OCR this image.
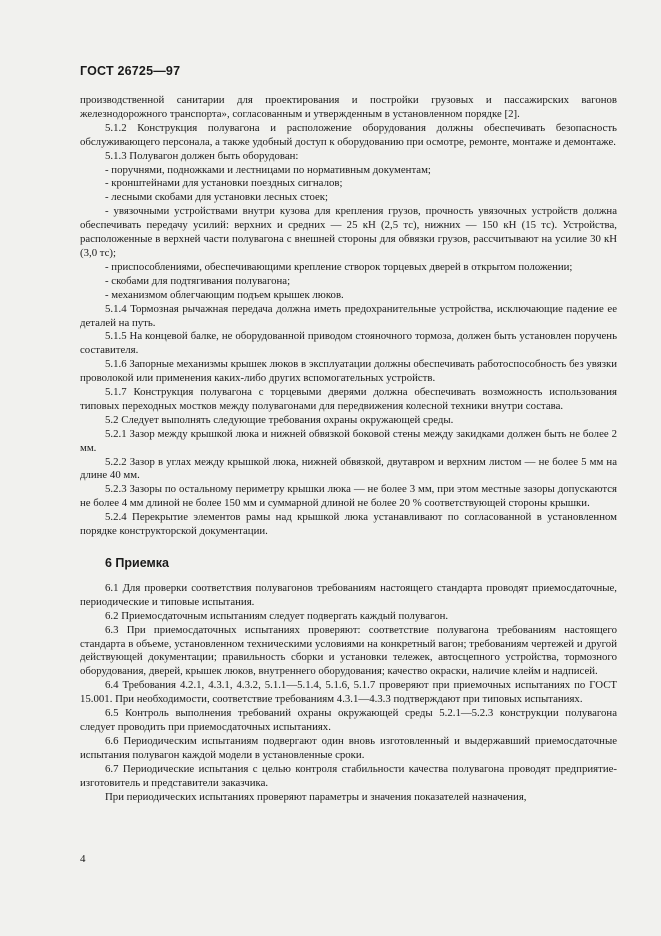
ГОСТ 26725—97

производственной санитарии для проектирования и постройки грузовых и пассажирских вагонов железнодорожного транспорта», согласованным и утвержденным в установленном порядке [2].

5.1.2 Конструкция полувагона и расположение оборудования должны обеспечивать безопасность обслуживающего персонала, а также удобный доступ к оборудованию при осмотре, ремонте, монтаже и демонтаже.

5.1.3 Полувагон должен быть оборудован:

- поручнями, подножками и лестницами по нормативным документам;

- кронштейнами для установки поездных сигналов;

- лесными скобами для установки лесных стоек;

- увязочными устройствами внутри кузова для крепления грузов, прочность увязочных устройств должна обеспечивать передачу усилий: верхних и средних — 25 кН (2,5 тс), нижних — 150 кН (15 тс). Устройства, расположенные в верхней части полувагона с внешней стороны для обвязки грузов, рассчитывают на усилие 30 кН (3,0 тс);

- приспособлениями, обеспечивающими крепление створок торцевых дверей в открытом положении;

- скобами для подтягивания полувагона;

- механизмом облегчающим подъем крышек люков.

5.1.4 Тормозная рычажная передача должна иметь предохранительные устройства, исключающие падение ее деталей на путь.

5.1.5 На концевой балке, не оборудованной приводом стояночного тормоза, должен быть установлен поручень составителя.

5.1.6 Запорные механизмы крышек люков в эксплуатации должны обеспечивать работоспособность без увязки проволокой или применения каких-либо других вспомогательных устройств.

5.1.7 Конструкция полувагона с торцевыми дверями должна обеспечивать возможность использования типовых переходных мостков между полувагонами для передвижения колесной техники внутри состава.

5.2 Следует выполнять следующие требования охраны окружающей среды.

5.2.1 Зазор между крышкой люка и нижней обвязкой боковой стены между закидками должен быть не более 2 мм.

5.2.2 Зазор в углах между крышкой люка, нижней обвязкой, двутавром и верхним листом — не более 5 мм на длине 40 мм.

5.2.3 Зазоры по остальному периметру крышки люка — не более 3 мм, при этом местные зазоры допускаются не более 4 мм длиной не более 150 мм и суммарной длиной не более 20 % соответствующей стороны крышки.

5.2.4 Перекрытие элементов рамы над крышкой люка устанавливают по согласованной в установленном порядке конструкторской документации.

6 Приемка

6.1 Для проверки соответствия полувагонов требованиям настоящего стандарта проводят приемосдаточные, периодические и типовые испытания.

6.2 Приемосдаточным испытаниям следует подвергать каждый полувагон.

6.3 При приемосдаточных испытаниях проверяют: соответствие полувагона требованиям настоящего стандарта в объеме, установленном техническими условиями на конкретный вагон; требованиям чертежей и другой действующей документации; правильность сборки и установки тележек, автосцепного устройства, тормозного оборудования, дверей, крышек люков, внутреннего оборудования; качество окраски, наличие клейм и надписей.

6.4 Требования 4.2.1, 4.3.1, 4.3.2, 5.1.1—5.1.4, 5.1.6, 5.1.7 проверяют при приемочных испытаниях по ГОСТ 15.001. При необходимости, соответствие требованиям 4.3.1—4.3.3 подтверждают при типовых испытаниях.

6.5 Контроль выполнения требований охраны окружающей среды 5.2.1—5.2.3 конструкции полувагона следует проводить при приемосдаточных испытаниях.

6.6 Периодическим испытаниям подвергают один вновь изготовленный и выдержавший приемосдаточные испытания полувагон каждой модели в установленные сроки.

6.7 Периодические испытания с целью контроля стабильности качества полувагона проводят предприятие-изготовитель и представители заказчика.

При периодических испытаниях проверяют параметры и значения показателей назначения,

4
